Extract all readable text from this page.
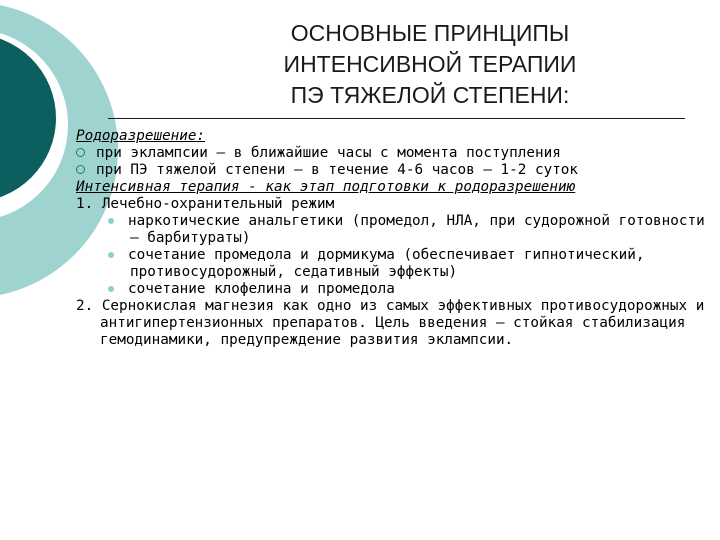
ОСНОВНЫЕ ПРИНЦИПЫ
ИНТЕНСИВНОЙ ТЕРАПИИ
ПЭ ТЯЖЕЛОЙ СТЕПЕНИ:

Родоразрешение:

при эклампсии – в ближайшие часы с момента поступления

при ПЭ тяжелой степени – в течение 4-6 часов – 1-2 суток

Интенсивная терапия - как этап подготовки к родоразрешению

1. Лечебно-охранительный режим

наркотические анальгетики (промедол, НЛА, при судорожной готовности – барбитураты)

сочетание промедола и дормикума (обеспечивает гипнотический, противосудорожный, седативный эффекты)

сочетание клофелина и промедола

2. Сернокислая магнезия как одно из самых эффективных противосудорожных и антигипертензионных препаратов. Цель введения – стойкая стабилизация гемодинамики, предупреждение развития эклампсии.
